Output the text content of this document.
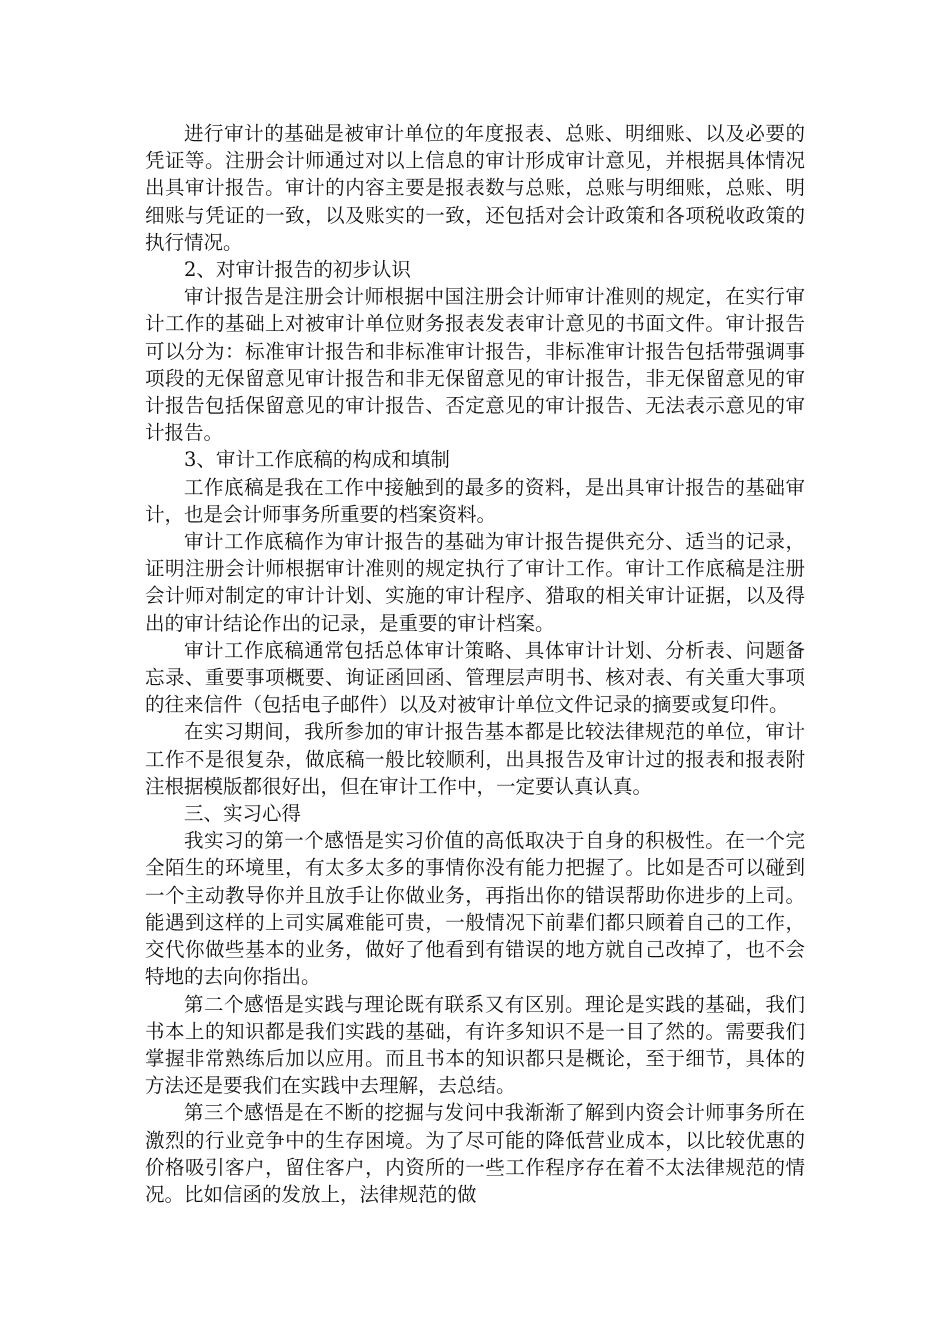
进行审计的基础是被审计单位的年度报表、总账、明细账、以及必要的凭证等。注册会计师通过对以上信息的审计形成审计意见，并根据具体情况出具审计报告。审计的内容主要是报表数与总账，总账与明细账，总账、明细账与凭证的一致，以及账实的一致，还包括对会计政策和各项税收政策的执行情况。

2、对审计报告的初步认识

审计报告是注册会计师根据中国注册会计师审计准则的规定，在实行审计工作的基础上对被审计单位财务报表发表审计意见的书面文件。审计报告可以分为：标准审计报告和非标准审计报告，非标准审计报告包括带强调事项段的无保留意见审计报告和非无保留意见的审计报告，非无保留意见的审计报告包括保留意见的审计报告、否定意见的审计报告、无法表示意见的审计报告。

3、审计工作底稿的构成和填制

工作底稿是我在工作中接触到的最多的资料，是出具审计报告的基础审计，也是会计师事务所重要的档案资料。

审计工作底稿作为审计报告的基础为审计报告提供充分、适当的记录，证明注册会计师根据审计准则的规定执行了审计工作。审计工作底稿是注册会计师对制定的审计计划、实施的审计程序、猎取的相关审计证据，以及得出的审计结论作出的记录，是重要的审计档案。

审计工作底稿通常包括总体审计策略、具体审计计划、分析表、问题备忘录、重要事项概要、询证函回函、管理层声明书、核对表、有关重大事项的往来信件（包括电子邮件）以及对被审计单位文件记录的摘要或复印件。

在实习期间，我所参加的审计报告基本都是比较法律规范的单位，审计工作不是很复杂，做底稿一般比较顺利，出具报告及审计过的报表和报表附注根据模版都很好出，但在审计工作中，一定要认真认真。

三、实习心得

我实习的第一个感悟是实习价值的高低取决于自身的积极性。在一个完全陌生的环境里，有太多太多的事情你没有能力把握了。比如是否可以碰到一个主动教导你并且放手让你做业务，再指出你的错误帮助你进步的上司。能遇到这样的上司实属难能可贵，一般情况下前辈们都只顾着自己的工作，交代你做些基本的业务，做好了他看到有错误的地方就自己改掉了，也不会特地的去向你指出。

第二个感悟是实践与理论既有联系又有区别。理论是实践的基础，我们书本上的知识都是我们实践的基础，有许多知识不是一目了然的。需要我们掌握非常熟练后加以应用。而且书本的知识都只是概论，至于细节，具体的方法还是要我们在实践中去理解，去总结。

第三个感悟是在不断的挖掘与发问中我渐渐了解到内资会计师事务所在激烈的行业竞争中的生存困境。为了尽可能的降低营业成本，以比较优惠的价格吸引客户，留住客户，内资所的一些工作程序存在着不太法律规范的情况。比如信函的发放上，法律规范的做
